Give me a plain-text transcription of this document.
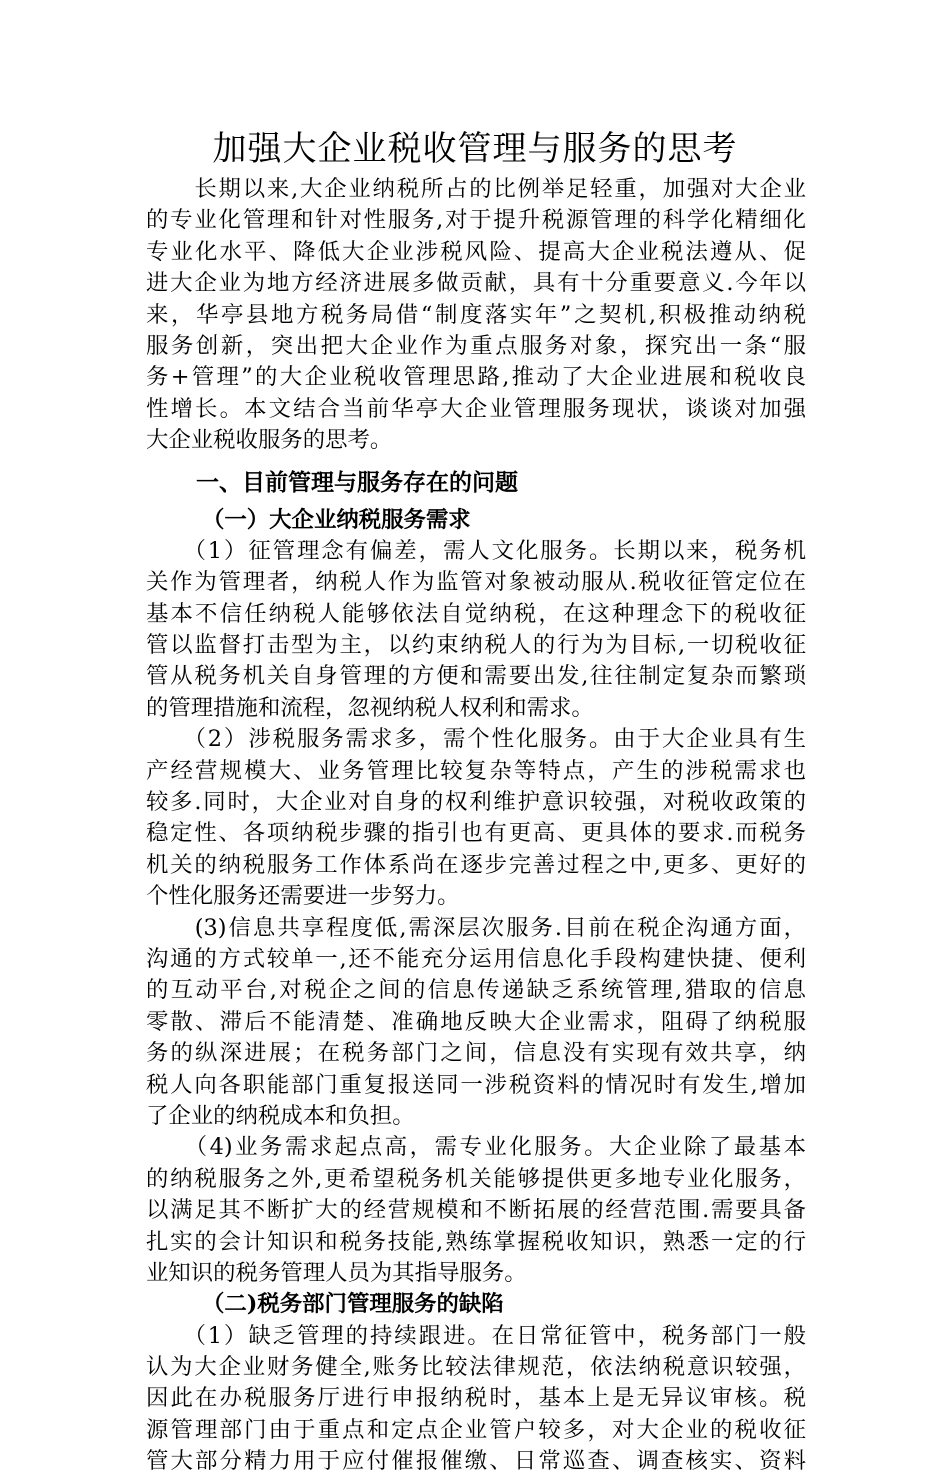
加强大企业税收管理与服务的思考
　　长期以来,大企业纳税所占的比例举足轻重，加强对大企业
的专业化管理和针对性服务,对于提升税源管理的科学化精细化
专业化水平、降低大企业涉税风险、提高大企业税法遵从、促
进大企业为地方经济进展多做贡献，具有十分重要意义.今年以
来，华亭县地方税务局借“制度落实年”之契机,积极推动纳税
服务创新，突出把大企业作为重点服务对象，探究出一条“服
务+管理”的大企业税收管理思路,推动了大企业进展和税收良
性增长。本文结合当前华亭大企业管理服务现状，谈谈对加强
大企业税收服务的思考。
一、目前管理与服务存在的问题
（一）大企业纳税服务需求
　　（1）征管理念有偏差，需人文化服务。长期以来，税务机
关作为管理者，纳税人作为监管对象被动服从.税收征管定位在
基本不信任纳税人能够依法自觉纳税，在这种理念下的税收征
管以监督打击型为主，以约束纳税人的行为为目标,一切税收征
管从税务机关自身管理的方便和需要出发,往往制定复杂而繁琐
的管理措施和流程，忽视纳税人权利和需求。
　　（2）涉税服务需求多，需个性化服务。由于大企业具有生
产经营规模大、业务管理比较复杂等特点，产生的涉税需求也
较多.同时，大企业对自身的权利维护意识较强，对税收政策的
稳定性、各项纳税步骤的指引也有更高、更具体的要求.而税务
机关的纳税服务工作体系尚在逐步完善过程之中,更多、更好的
个性化服务还需要进一步努力。
　　(3)信息共享程度低,需深层次服务.目前在税企沟通方面，
沟通的方式较单一,还不能充分运用信息化手段构建快捷、便利
的互动平台,对税企之间的信息传递缺乏系统管理,猎取的信息
零散、滞后不能清楚、准确地反映大企业需求，阻碍了纳税服
务的纵深进展；在税务部门之间，信息没有实现有效共享，纳
税人向各职能部门重复报送同一涉税资料的情况时有发生,增加
了企业的纳税成本和负担。
　　（4)业务需求起点高，需专业化服务。大企业除了最基本
的纳税服务之外,更希望税务机关能够提供更多地专业化服务，
以满足其不断扩大的经营规模和不断拓展的经营范围.需要具备
扎实的会计知识和税务技能,熟练掌握税收知识，熟悉一定的行
业知识的税务管理人员为其指导服务。
（二)税务部门管理服务的缺陷
　　（1）缺乏管理的持续跟进。在日常征管中，税务部门一般
认为大企业财务健全,账务比较法律规范，依法纳税意识较强，
因此在办税服务厅进行申报纳税时，基本上是无异议审核。税
源管理部门由于重点和定点企业管户较多，对大企业的税收征
管大部分精力用于应付催报催缴、日常巡查、调查核实、资料
